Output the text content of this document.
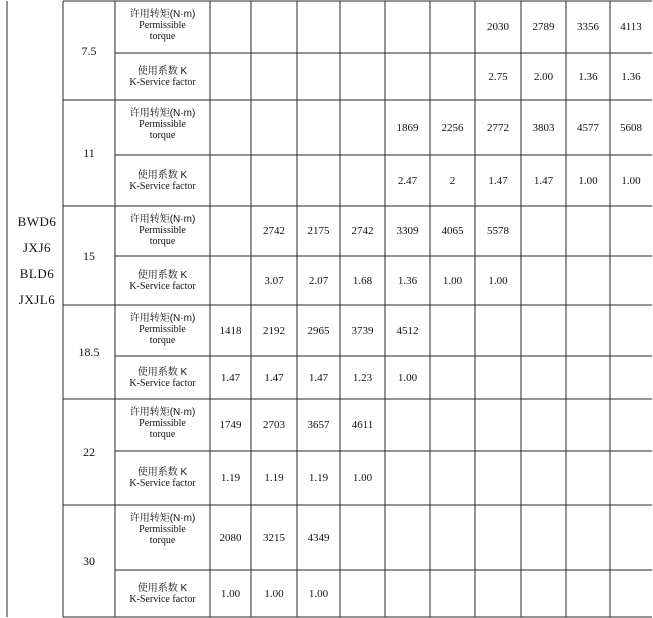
BWD6
JXJ6
BLD6
JXJL6
7.5
许用转矩(N·m)
Permissible
torque
使用系数 K
K-Service factor
2030 2789 3356 4113
2.75 2.00 1.36 1.36
11
许用转矩(N·m)
Permissible
torque
使用系数 K
K-Service factor
1869 2256 2772 3803 4577 5608
2.47	2	1.47 1.47 1.00 1.00
15
许用转矩(N·m)
Permissible
torque
使用系数 K
K-Service factor
2742 2175 2742 3309 4065 5578
3.07 2.07 1.68 1.36 1.00 1.00
18.5
许用转矩(N·m)
Permissible
torque
使用系数 K
K-Service factor
1418 2192 2965 3739 4512
1.47 1.47 1.47 1.23 1.00
22
许用转矩(N·m)
Permissible
torque
使用系数 K
K-Service factor
1749 2703 3657 4611
1.19 1.19 1.19 1.00
30
许用转矩(N·m)
Permissible
torque
使用系数 K
K-Service factor
2080 3215 4349
1.00 1.00 1.00
